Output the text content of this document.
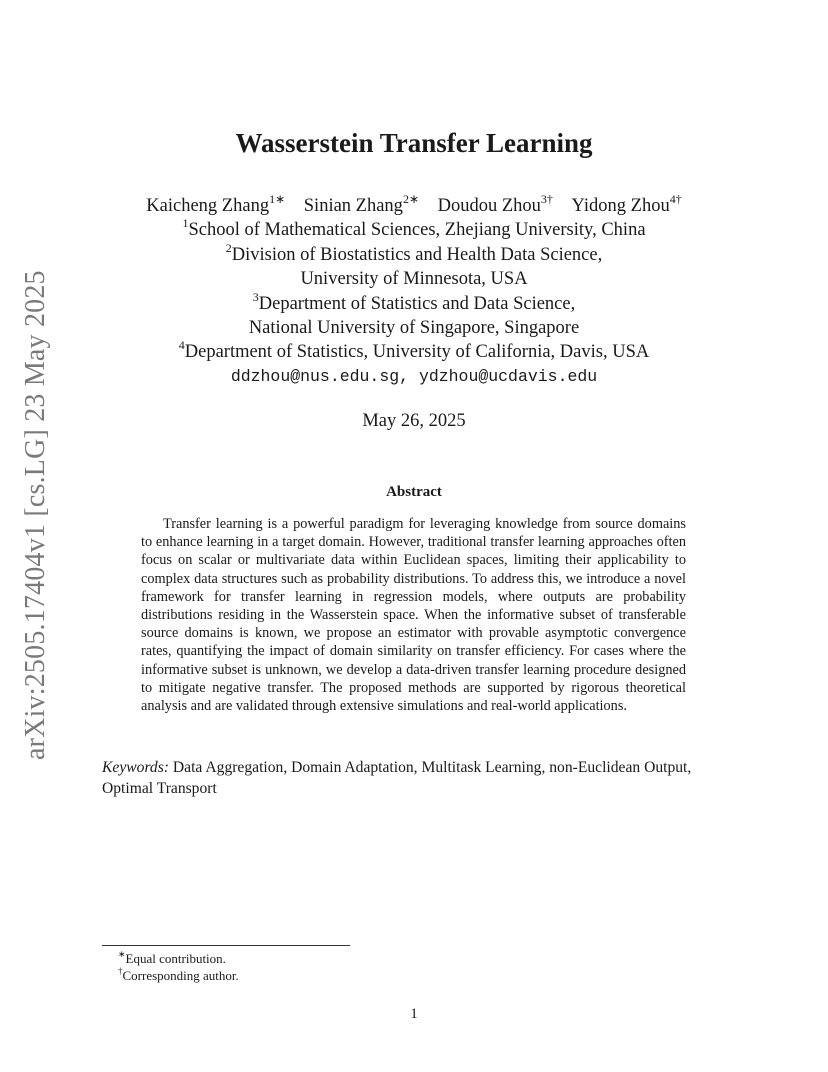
arXiv:2505.17404v1 [cs.LG] 23 May 2025
Wasserstein Transfer Learning
Kaicheng Zhang$^{1∗}$ Sinian Zhang$^{2∗}$ Doudou Zhou$^{3\dagger}$ Yidong Zhou$^{4\dagger}$
$^1$School of Mathematical Sciences, Zhejiang University, China
$^2$Division of Biostatistics and Health Data Science,
University of Minnesota, USA
$^3$Department of Statistics and Data Science,
National University of Singapore, Singapore
$^4$Department of Statistics, University of California, Davis, USA
ddzhou@nus.edu.sg, ydzhou@ucdavis.edu
May 26, 2025
Abstract

Transfer learning is a powerful paradigm for leveraging knowledge from source domains to enhance learning in a target domain. However, traditional transfer learning approaches often focus on scalar or multivariate data within Euclidean spaces, limiting their applicability to complex data structures such as probability distributions. To address this, we introduce a novel framework for transfer learning in regression models, where outputs are probability distributions residing in the Wasserstein space. When the informative subset of transferable source domains is known, we propose an estimator with provable asymptotic convergence rates, quantifying the impact of domain similarity on transfer efficiency. For cases where the informative subset is unknown, we develop a data-driven transfer learning procedure designed to mitigate negative transfer. The proposed methods are supported by rigorous theoretical analysis and are validated through extensive simulations and real-world applications.

Keywords: Data Aggregation, Domain Adaptation, Multitask Learning, non-Euclidean Output, Optimal Transport

∗Equal contribution.
†Corresponding author.
1
